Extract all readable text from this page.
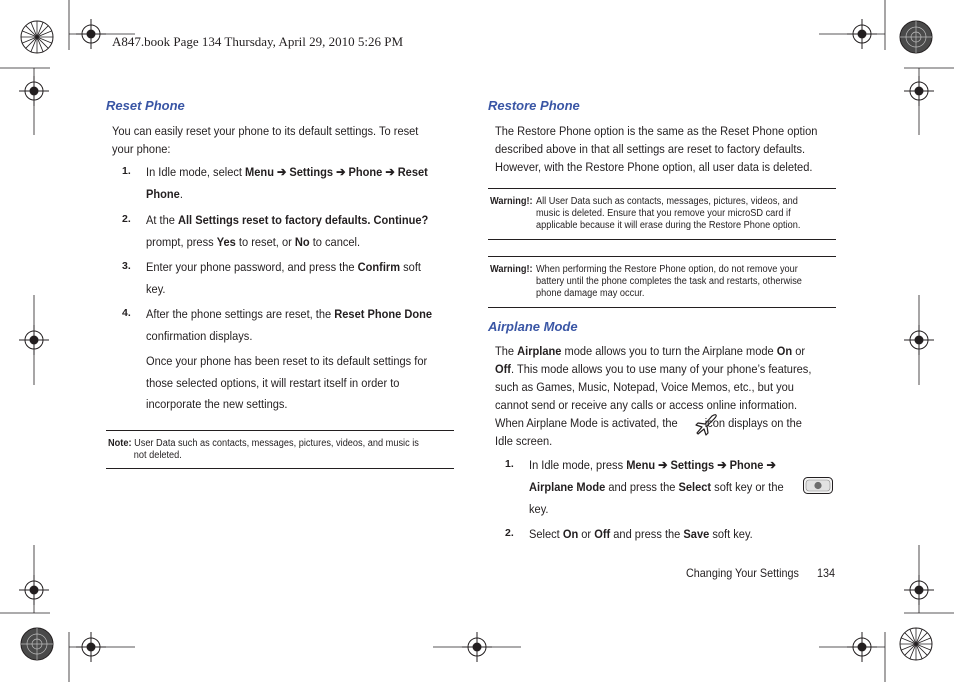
A847.book Page 134 Thursday, April 29, 2010 5:26 PM
Reset Phone
You can easily reset your phone to its default settings. To reset
your phone:
1. In Idle mode, select Menu ➔ Settings ➔ Phone ➔ Reset
Phone.
2. At the All Settings reset to factory defaults. Continue?
prompt, press Yes to reset, or No to cancel.
3. Enter your phone password, and press the Confirm soft
key.
4. After the phone settings are reset, the Reset Phone Done
confirmation displays.
Once your phone has been reset to its default settings for
those selected options, it will restart itself in order to
incorporate the new settings.
Note: User Data such as contacts, messages, pictures, videos, and music is
not deleted.
Restore Phone
The Restore Phone option is the same as the Reset Phone option
described above in that all settings are reset to factory defaults.
However, with the Restore Phone option, all user data is deleted.
Warning!: All User Data such as contacts, messages, pictures, videos, and
music is deleted. Ensure that you remove your microSD card if
applicable because it will erase during the Restore Phone option.
Warning!: When performing the Restore Phone option, do not remove your
battery until the phone completes the task and restarts, otherwise
phone damage may occur.
Airplane Mode
The Airplane mode allows you to turn the Airplane mode On or
Off. This mode allows you to use many of your phone’s features,
such as Games, Music, Notepad, Voice Memos, etc., but you
cannot send or receive any calls or access online information.
When Airplane Mode is activated, the icon displays on the
Idle screen.
1. In Idle mode, press Menu ➔ Settings ➔ Phone ➔
Airplane Mode and press the Select soft key or the
key.
2. Select On or Off and press the Save soft key.
Changing Your Settings 134
